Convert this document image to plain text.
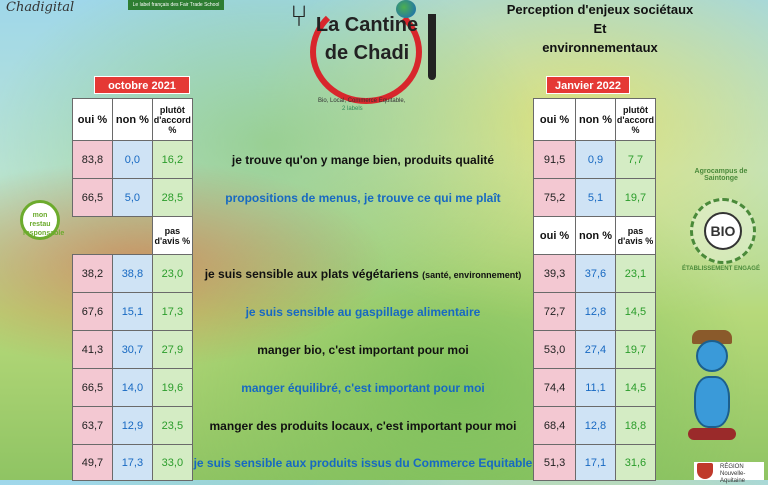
Chadigital	Le label français des Fair Trade School ⑂ La Cantine
de Chadi
Bio, Local, Commerce Equitable,
2 labels
Perception d'enjeux sociétaux
Et
environnementaux
octobre 2021	Janvier 2022
oui %	non %	plutôt d'accord %		oui %	non %	plutôt d'accord %
83,8	0,0	16,2	je trouve qu'on y mange bien, produits qualité	91,5	0,9	7,7
66,5	5,0	28,5	propositions de menus, je trouve ce qui me plaît	75,2	5,1	19,7
		pas d'avis %		oui %	non %	pas d'avis %
38,2	38,8	23,0	je suis sensible aux plats végétariens (santé, environnement)	39,3	37,6	23,1
67,6	15,1	17,3	je suis sensible au gaspillage alimentaire	72,7	12,8	14,5
41,3	30,7	27,9	manger bio, c'est important pour moi	53,0	27,4	19,7
66,5	14,0	19,6	manger équilibré, c'est important pour moi	74,4	11,1	14,5
63,7	12,9	23,5	manger des produits locaux, c'est important pour moi	68,4	12,8	18,8
49,7	17,3	33,0	je suis sensible aux produits issus du Commerce Equitable	51,3	17,1	31,6
mon restau responsable
Agrocampus de Saintonge
BIO
ÉTABLISSEMENT ENGAGÉ
RÉGION Nouvelle-Aquitaine
